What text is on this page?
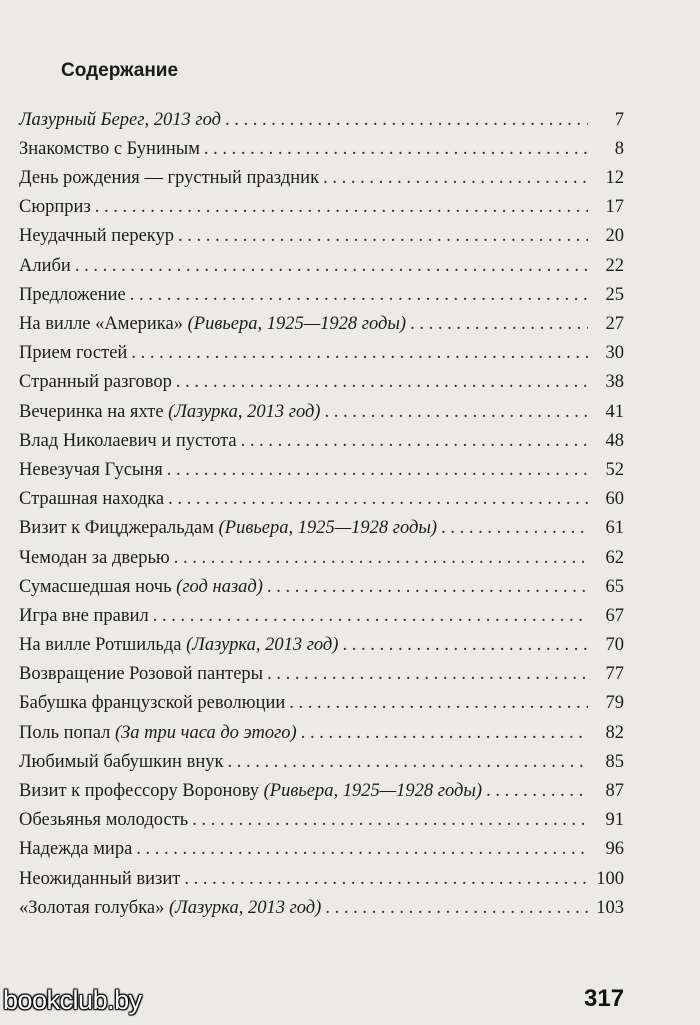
Содержание
Лазурный Берег, 2013 год . . .	7
Знакомство с Буниным . . .	8
День рождения — грустный праздник . . .	12
Сюрприз . . .	17
Неудачный перекур . . .	20
Алиби . . .	22
Предложение . . .	25
На вилле «Америка» (Ривьера, 1925—1928 годы) . . .	27
Прием гостей . . .	30
Странный разговор . . .	38
Вечеринка на яхте (Лазурка, 2013 год) . . .	41
Влад Николаевич и пустота . . .	48
Невезучая Гусыня . . .	52
Страшная находка . . .	60
Визит к Фицджеральдам (Ривьера, 1925—1928 годы) . . .	61
Чемодан за дверью . . .	62
Сумасшедшая ночь (год назад) . . .	65
Игра вне правил . . .	67
На вилле Ротшильда (Лазурка, 2013 год) . . .	70
Возвращение Розовой пантеры . . .	77
Бабушка французской революции . . .	79
Поль попал (За три часа до этого) . . .	82
Любимый бабушкин внук . . .	85
Визит к профессору Воронову (Ривьера, 1925—1928 годы) . . .	87
Обезьянья молодость . . .	91
Надежда мира . . .	96
Неожиданный визит . . .	100
«Золотая голубка» (Лазурка, 2013 год) . . .	103
bookclub.by	317
